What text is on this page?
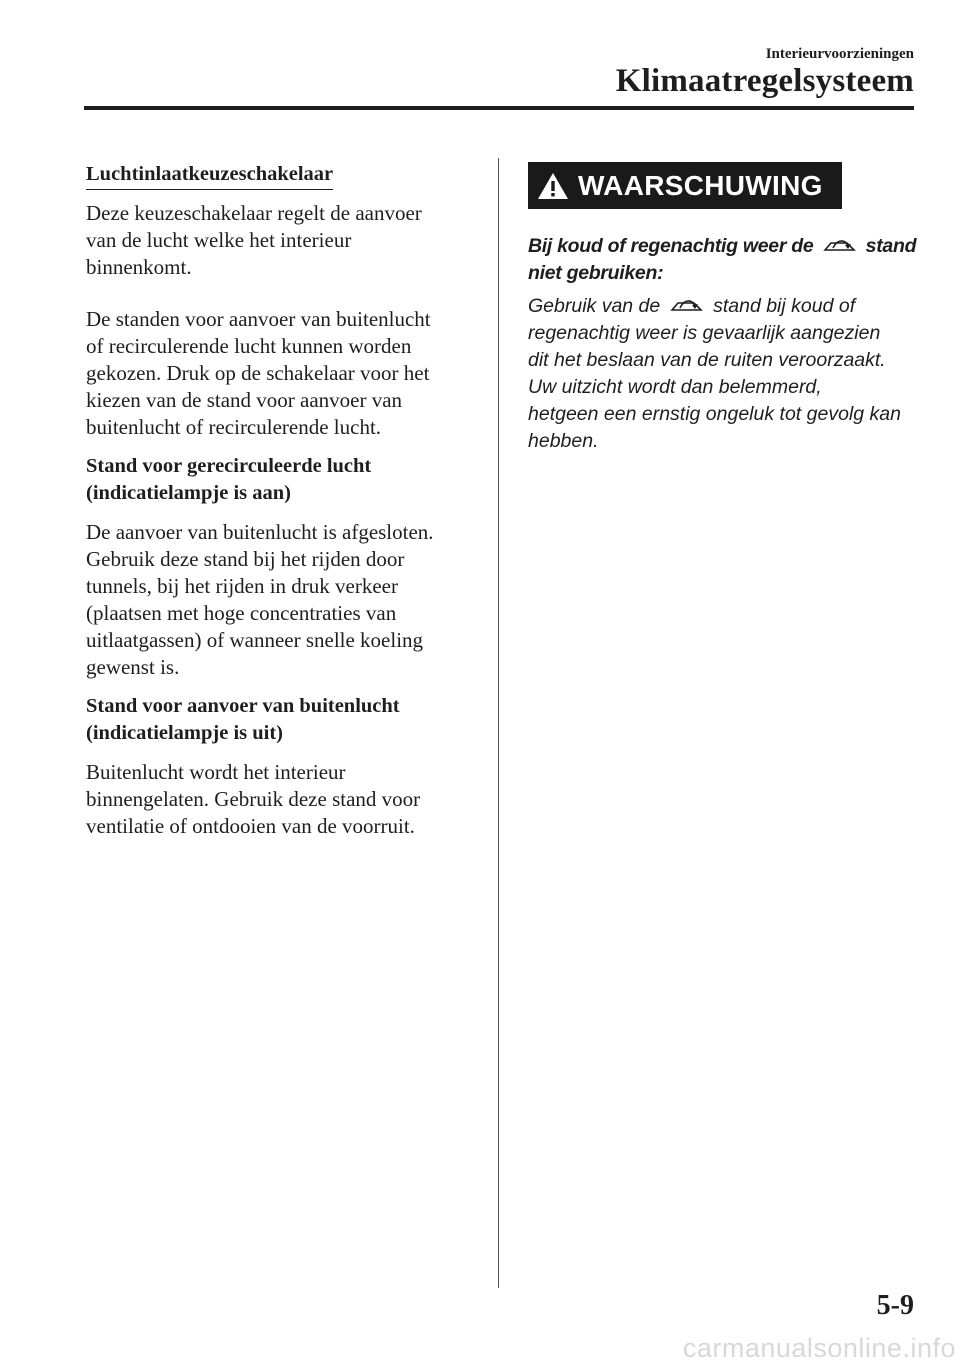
Interieurvoorzieningen
Klimaatregelsysteem
Luchtinlaatkeuzeschakelaar

Deze keuzeschakelaar regelt de aanvoer
van de lucht welke het interieur
binnenkomt.

De standen voor aanvoer van buitenlucht
of recirculerende lucht kunnen worden
gekozen. Druk op de schakelaar voor het
kiezen van de stand voor aanvoer van
buitenlucht of recirculerende lucht.

Stand voor gerecirculeerde lucht
(indicatielampje is aan)

De aanvoer van buitenlucht is afgesloten.
Gebruik deze stand bij het rijden door
tunnels, bij het rijden in druk verkeer
(plaatsen met hoge concentraties van
uitlaatgassen) of wanneer snelle koeling
gewenst is.

Stand voor aanvoer van buitenlucht
(indicatielampje is uit)

Buitenlucht wordt het interieur
binnengelaten. Gebruik deze stand voor
ventilatie of ontdooien van de voorruit.

WAARSCHUWING

Bij koud of regenachtig weer de	stand
niet gebruiken:

Gebruik van de	stand bij koud of
regenachtig weer is gevaarlijk aangezien
dit het beslaan van de ruiten veroorzaakt.
Uw uitzicht wordt dan belemmerd,
hetgeen een ernstig ongeluk tot gevolg kan
hebben.

5-9
carmanualsonline.info
